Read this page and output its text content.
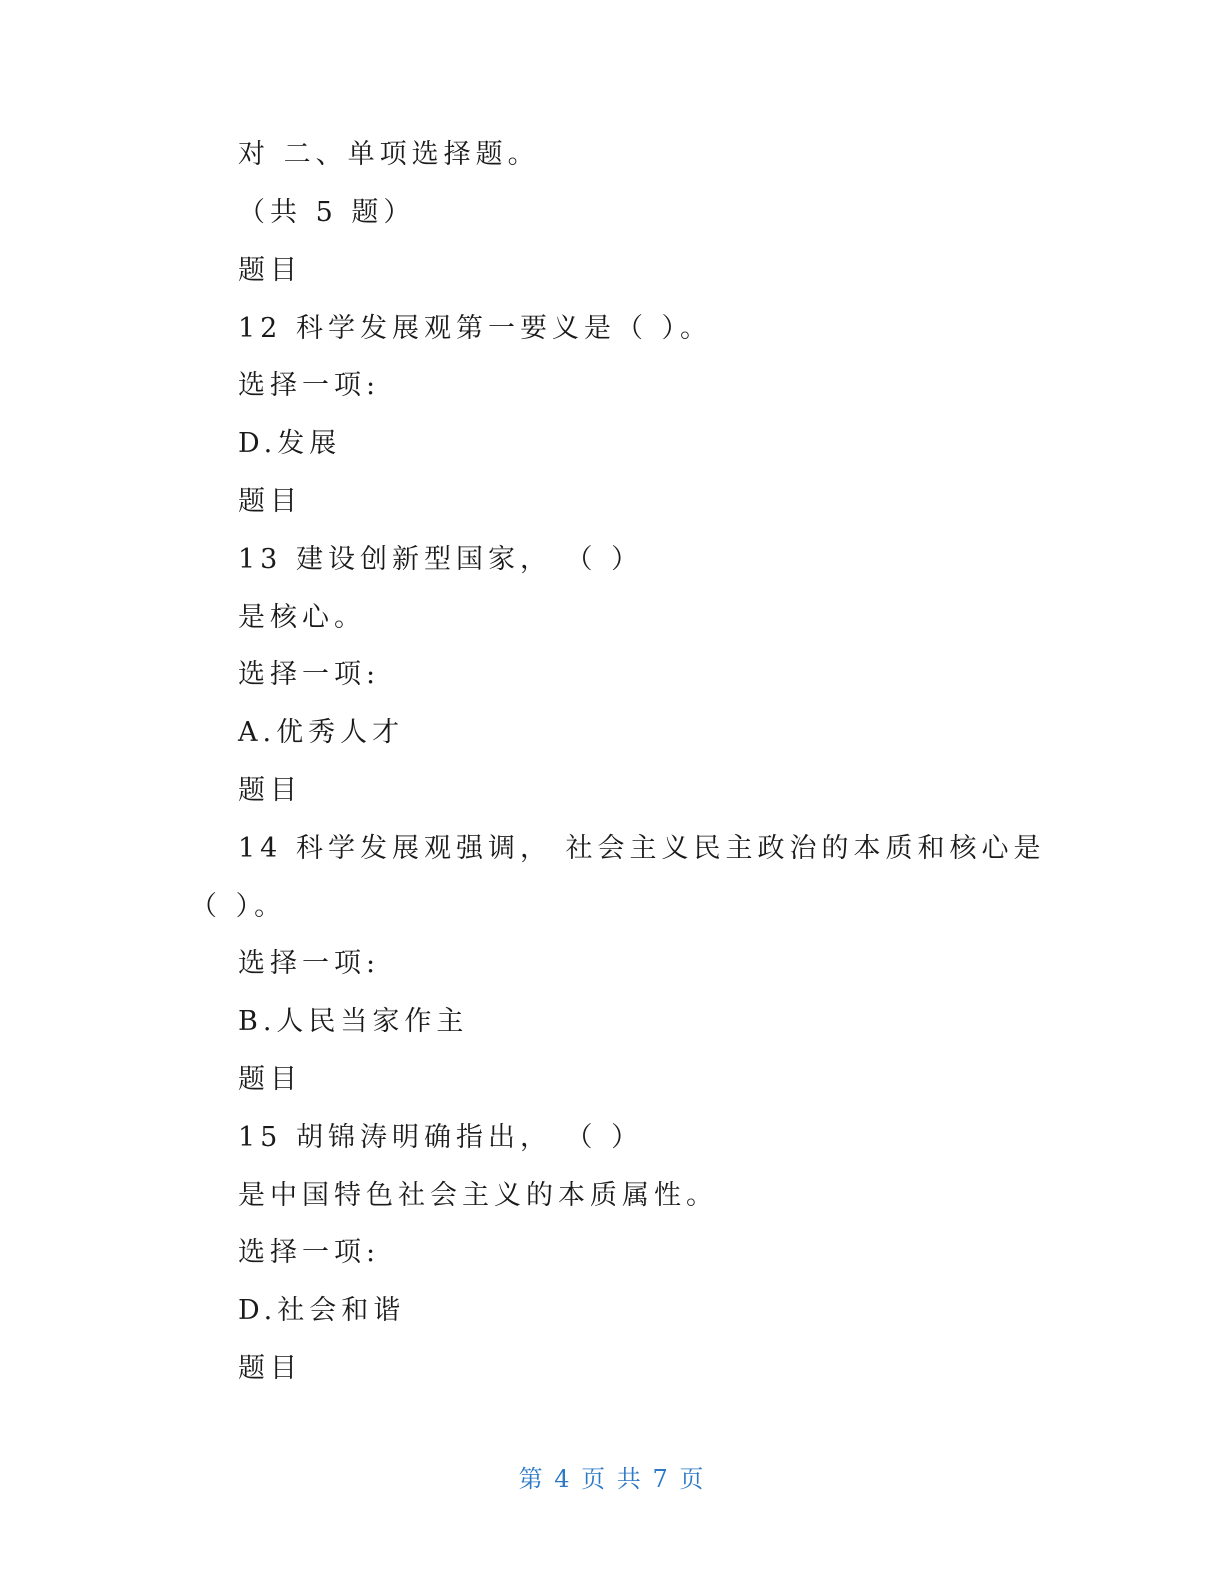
对 二、单项选择题。
（共 5 题）
题目
12 科学发展观第一要义是（ ）。
选择一项:
D.发展
题目
13 建设创新型国家， （ ）
是核心。
选择一项:
A.优秀人才
题目
14 科学发展观强调， 社会主义民主政治的本质和核心是
（ ）。
选择一项:
B.人民当家作主
题目
15 胡锦涛明确指出， （ ）
是中国特色社会主义的本质属性。
选择一项:
D.社会和谐
题目
第 4 页 共 7 页
